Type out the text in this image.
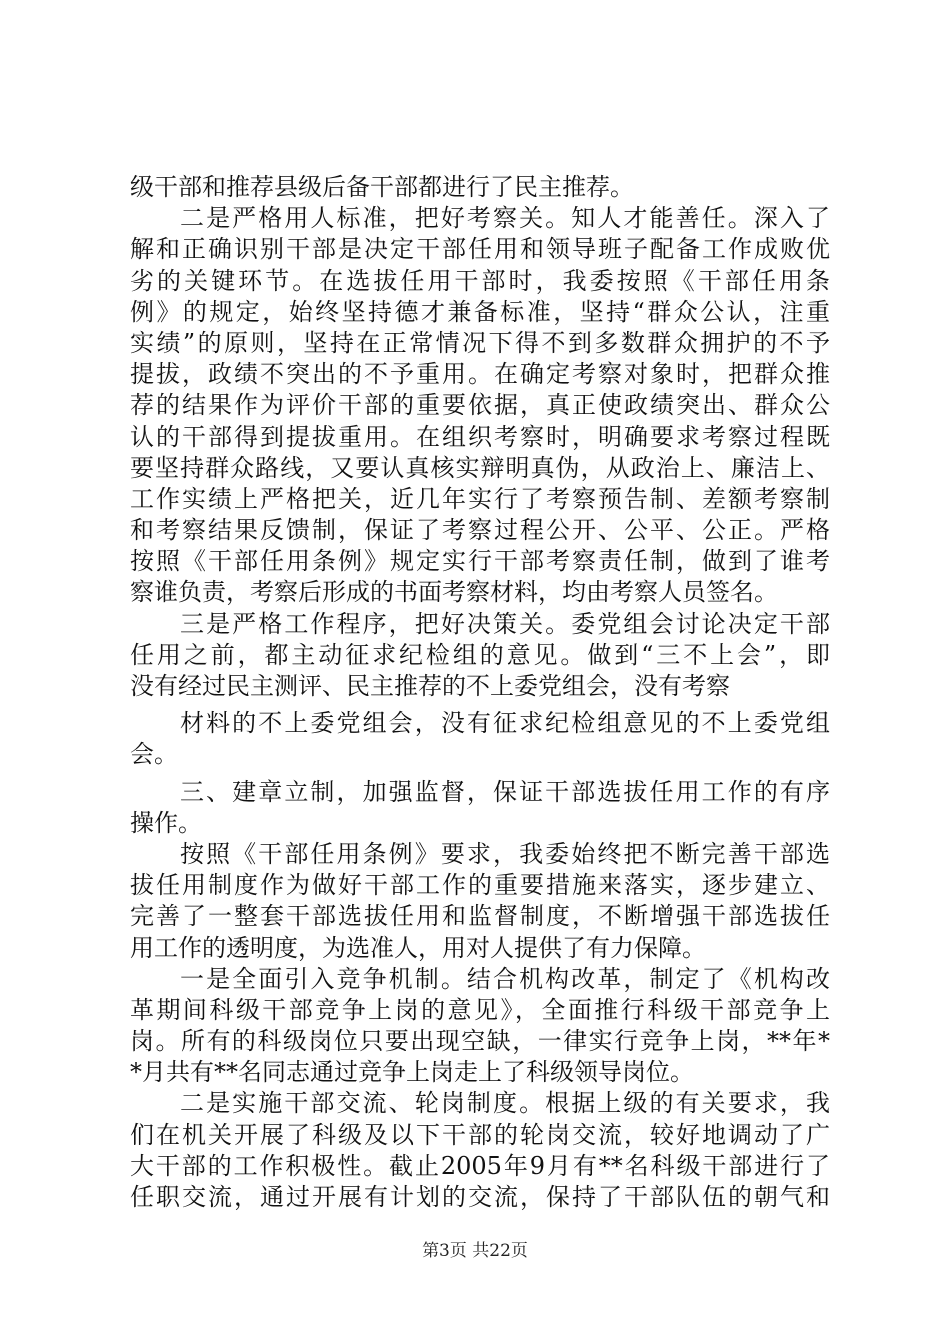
级干部和推荐县级后备干部都进行了民主推荐。
二是严格用人标准，把好考察关。知人才能善任。深入了
解和正确识别干部是决定干部任用和领导班子配备工作成败优
劣的关键环节。在选拔任用干部时，我委按照《干部任用条
例》的规定，始终坚持德才兼备标准，坚持“群众公认，注重
实绩”的原则，坚持在正常情况下得不到多数群众拥护的不予
提拔，政绩不突出的不予重用。在确定考察对象时，把群众推
荐的结果作为评价干部的重要依据，真正使政绩突出、群众公
认的干部得到提拔重用。在组织考察时，明确要求考察过程既
要坚持群众路线，又要认真核实辩明真伪，从政治上、廉洁上、
工作实绩上严格把关，近几年实行了考察预告制、差额考察制
和考察结果反馈制，保证了考察过程公开、公平、公正。严格
按照《干部任用条例》规定实行干部考察责任制，做到了谁考
察谁负责，考察后形成的书面考察材料，均由考察人员签名。
三是严格工作程序，把好决策关。委党组会讨论决定干部
任用之前，都主动征求纪检组的意见。做到“三不上会”，即
没有经过民主测评、民主推荐的不上委党组会，没有考察
材料的不上委党组会，没有征求纪检组意见的不上委党组
会。
三、建章立制，加强监督，保证干部选拔任用工作的有序
操作。
按照《干部任用条例》要求，我委始终把不断完善干部选
拔任用制度作为做好干部工作的重要措施来落实，逐步建立、
完善了一整套干部选拔任用和监督制度，不断增强干部选拔任
用工作的透明度，为选准人，用对人提供了有力保障。
一是全面引入竞争机制。结合机构改革，制定了《机构改
革期间科级干部竞争上岗的意见》，全面推行科级干部竞争上
岗。所有的科级岗位只要出现空缺，一律实行竞争上岗，**年*
*月共有**名同志通过竞争上岗走上了科级领导岗位。
二是实施干部交流、轮岗制度。根据上级的有关要求，我
们在机关开展了科级及以下干部的轮岗交流，较好地调动了广
大干部的工作积极性。截止2005年9月有**名科级干部进行了
任职交流，通过开展有计划的交流，保持了干部队伍的朝气和
第3页 共22页
